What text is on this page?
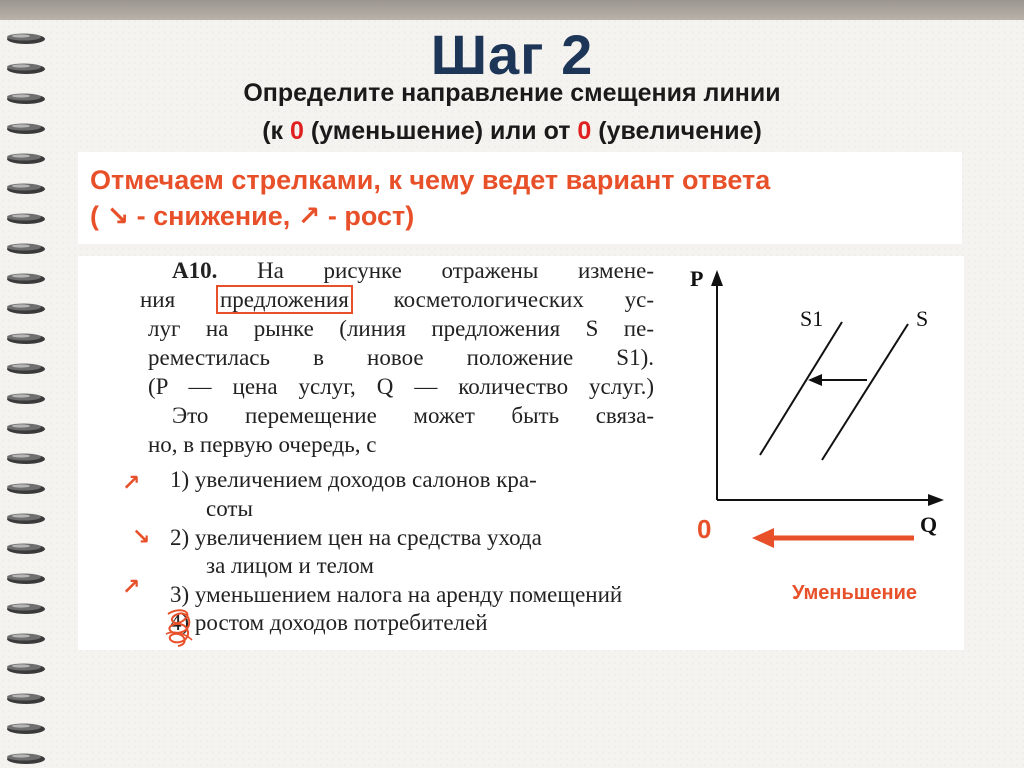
Шаг 2
Определите направление смещения линии
(к 0 (уменьшение) или от 0 (увеличение)
Отмечаем стрелками, к чему ведет вариант ответа
( ↘ - снижение, ↗ - рост)
А10. На рисунке отражены измене-
ния предложения косметологических ус-
луг на рынке (линия предложения S пе-
реместилась в новое положение S1).
(P — цена услуг, Q — количество услуг.)
Это перемещение может быть связа-
но, в первую очередь, с
↗ 1) увеличением доходов салонов кра-
соты
↘ 2) увеличением цен на средства ухода
за лицом и телом
↗ 3) уменьшением налога на аренду помещений
4) ростом доходов потребителей
P
Q
S1	S
0
Уменьшение
